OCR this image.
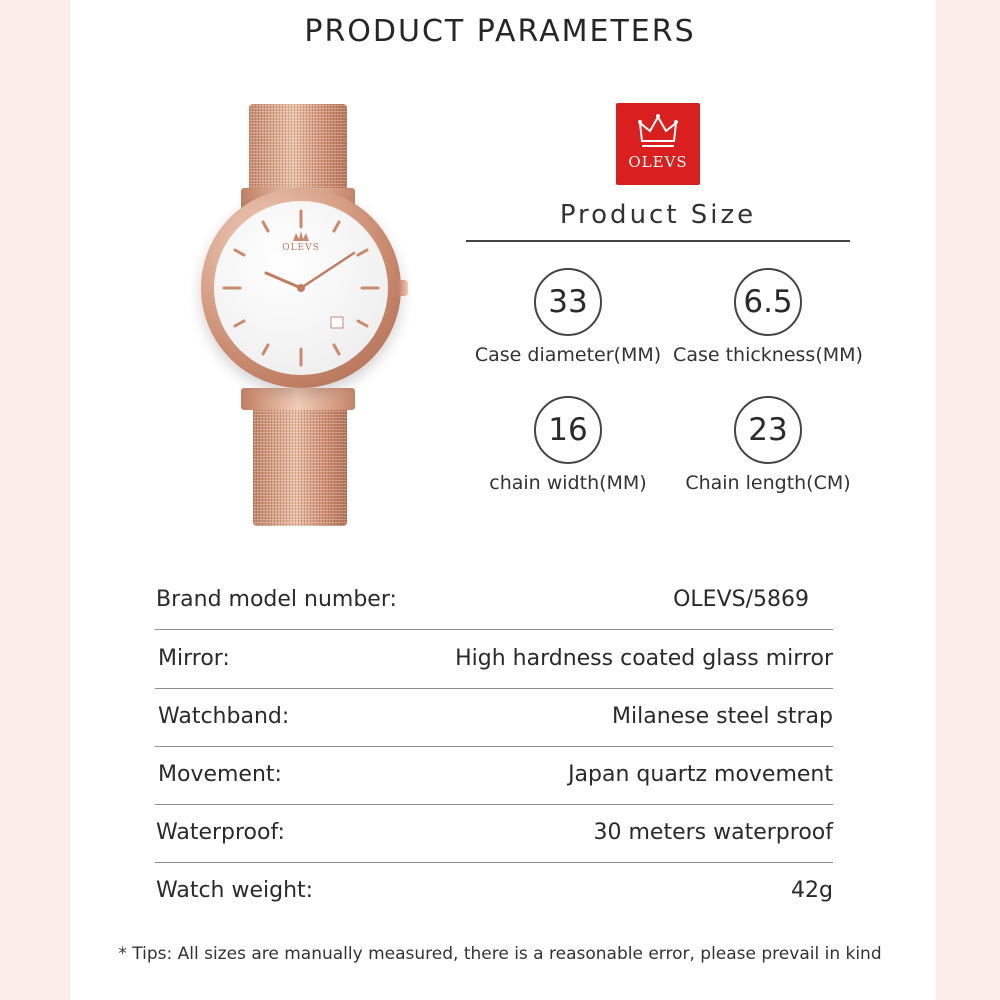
PRODUCT PARAMETERS
OLEVS
OLEVS
Product Size
33
Case diameter(MM)
6.5
Case thickness(MM)
16
chain width(MM)
23
Chain length(CM)
Brand model number:	OLEVS/5869
Mirror:	High hardness coated glass mirror
Watchband:	Milanese steel strap
Movement:	Japan quartz movement
Waterproof:	30 meters waterproof
Watch weight:	42g
* Tips: All sizes are manually measured, there is a reasonable error, please prevail in kind
